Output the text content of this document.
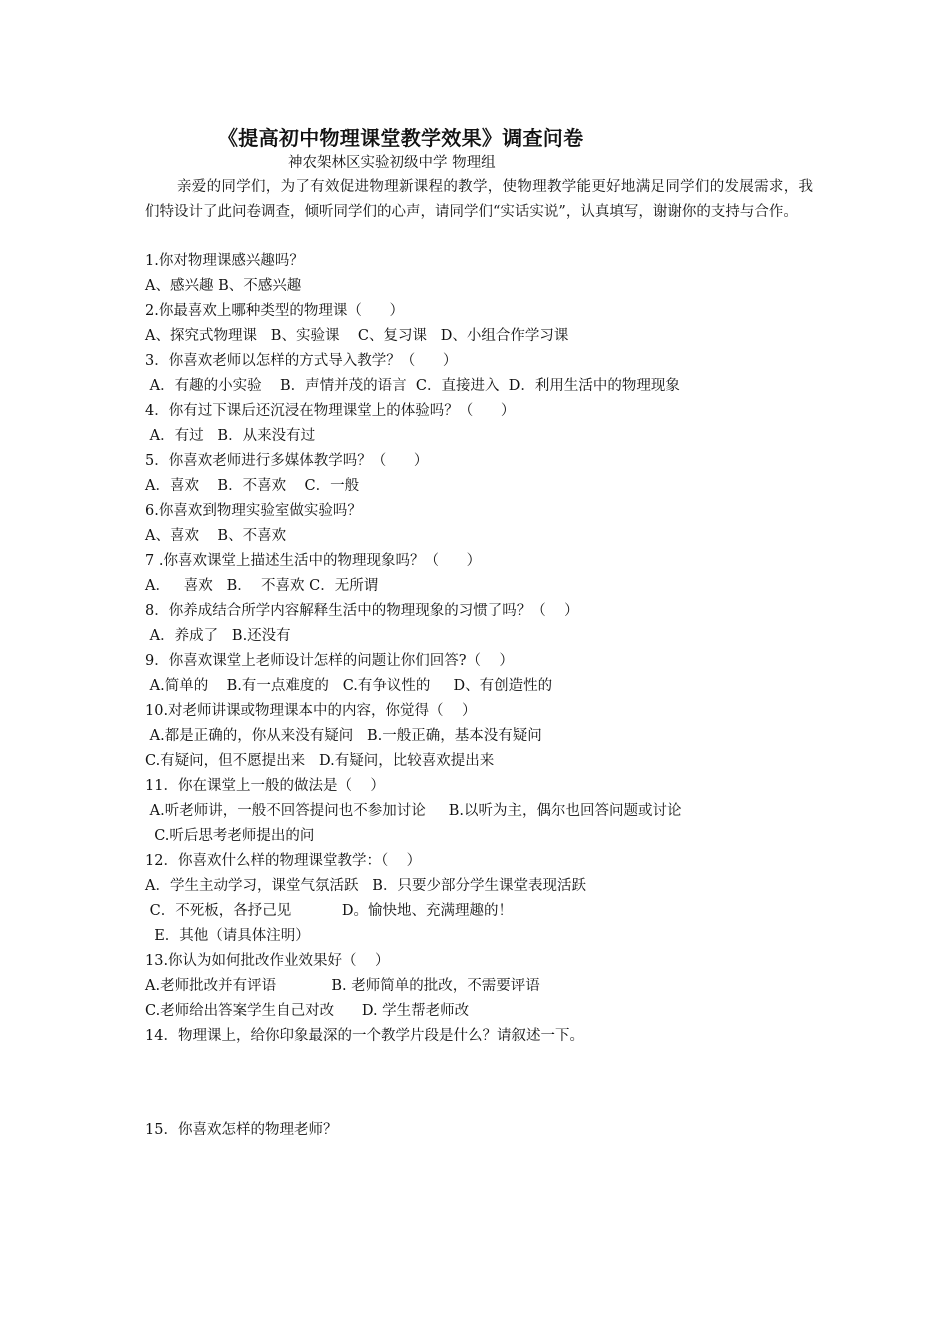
《提高初中物理课堂教学效果》调查问卷
神农架林区实验初级中学 物理组
亲爱的同学们，为了有效促进物理新课程的教学，使物理教学能更好地满足同学们的发展需求，我们特设计了此问卷调查，倾听同学们的心声，请同学们“实话实说”，认真填写，谢谢你的支持与合作。
1.你对物理课感兴趣吗？
A、感兴趣 B、不感兴趣
2.你最喜欢上哪种类型的物理课（      ）
A、探究式物理课   B、实验课    C、复习课   D、小组合作学习课
3．你喜欢老师以怎样的方式导入教学？（      ）
A．有趣的小实验    B．声情并茂的语言  C．直接进入  D．利用生活中的物理现象
4．你有过下课后还沉浸在物理课堂上的体验吗？（      ）
A．有过   B．从来没有过
5．你喜欢老师进行多媒体教学吗？（      ）
A．喜欢    B．不喜欢    C．一般
6.你喜欢到物理实验室做实验吗？
A、喜欢    B、不喜欢
7 .你喜欢课堂上描述生活中的物理现象吗？（      ）
A．   喜欢   B．  不喜欢 C．无所谓
8．你养成结合所学内容解释生活中的物理现象的习惯了吗？（    ）
A．养成了   B.还没有
9．你喜欢课堂上老师设计怎样的问题让你们回答?（    ）
A.简单的    B.有一点难度的   C.有争议性的     D、有创造性的
10.对老师讲课或物理课本中的内容，你觉得（    ）
A.都是正确的，你从来没有疑问   B.一般正确，基本没有疑问
C.有疑问，但不愿提出来   D.有疑问，比较喜欢提出来
11．你在课堂上一般的做法是（    ）
A.听老师讲，一般不回答提问也不参加讨论     B.以听为主，偶尔也回答问题或讨论
C.听后思考老师提出的问
12．你喜欢什么样的物理课堂教学：（    ）
A．学生主动学习，课堂气氛活跃   B．只要少部分学生课堂表现活跃
C．不死板，各抒己见           D。愉快地、充满理趣的！
E．其他（请具体注明）
13.你认为如何批改作业效果好（    ）
A.老师批改并有评语            B. 老师简单的批改，不需要评语
C.老师给出答案学生自己对改      D. 学生帮老师改
14．物理课上，给你印象最深的一个教学片段是什么？请叙述一下。
15．你喜欢怎样的物理老师？
